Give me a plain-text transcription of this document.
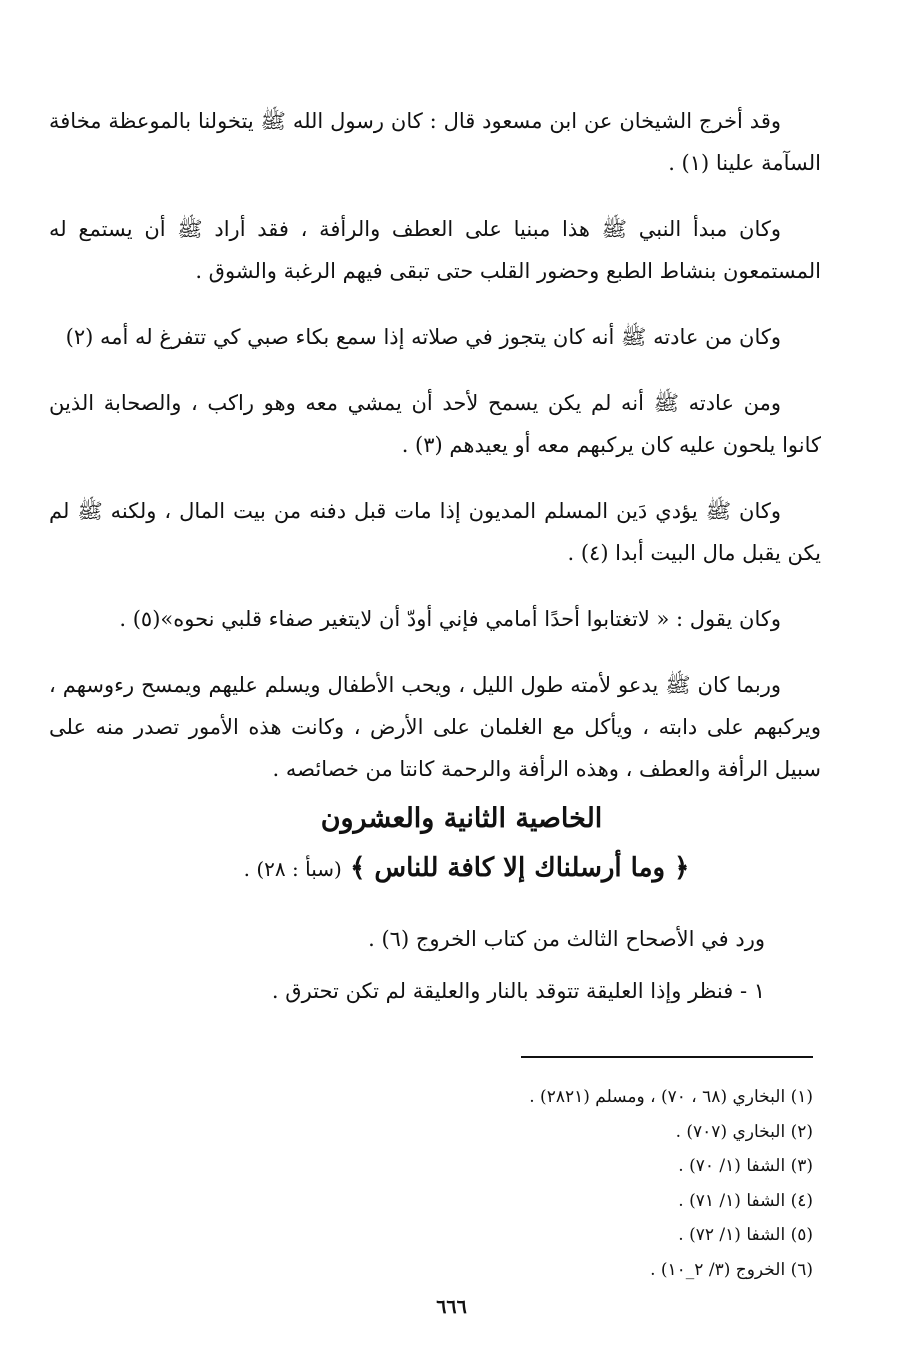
وقد أخرج الشيخان عن ابن مسعود قال : كان رسول الله ﷺ يتخولنا بالموعظة مخافة السآمة علينا (١) .

وكان مبدأ النبي ﷺ هذا مبنيا على العطف والرأفة ، فقد أراد ﷺ أن يستمع له المستمعون بنشاط الطبع وحضور القلب حتى تبقى فيهم الرغبة والشوق .

وكان من عادته ﷺ أنه كان يتجوز في صلاته إذا سمع بكاء صبي كي تتفرغ له أمه (٢)

ومن عادته ﷺ أنه لم يكن يسمح لأحد أن يمشي معه وهو راكب ، والصحابة الذين كانوا يلحون عليه كان يركبهم معه أو يعيدهم (٣) .

وكان ﷺ يؤدي دَين المسلم المديون إذا مات قبل دفنه من بيت المال ، ولكنه ﷺ لم يكن يقبل مال البيت أبدا (٤) .

وكان يقول : « لاتغتابوا أحدًا أمامي فإني أودّ أن لايتغير صفاء قلبي نحوه»(٥) .

وربما كان ﷺ يدعو لأمته طول الليل ، ويحب الأطفال ويسلم عليهم ويمسح رءوسهم ، ويركبهم على دابته ، ويأكل مع الغلمان على الأرض ، وكانت هذه الأمور تصدر منه على سبيل الرأفة والعطف ، وهذه الرأفة والرحمة كانتا من خصائصه .

الخاصية الثانية والعشرون

﴿ وما أرسلناك إلا كافة للناس ﴾ (سبأ : ٢٨) .

ورد في الأصحاح الثالث من كتاب الخروج (٦) .

١ - فنظر وإذا العليقة تتوقد بالنار والعليقة لم تكن تحترق .

(١) البخاري (٦٨ ، ٧٠) ، ومسلم (٢٨٢١) .

(٢) البخاري (٧٠٧) .

(٣) الشفا (١/ ٧٠) .

(٤) الشفا (١/ ٧١) .

(٥) الشفا (١/ ٧٢) .

(٦) الخروج (٣/ ٢_١٠) .

٦٦٦
